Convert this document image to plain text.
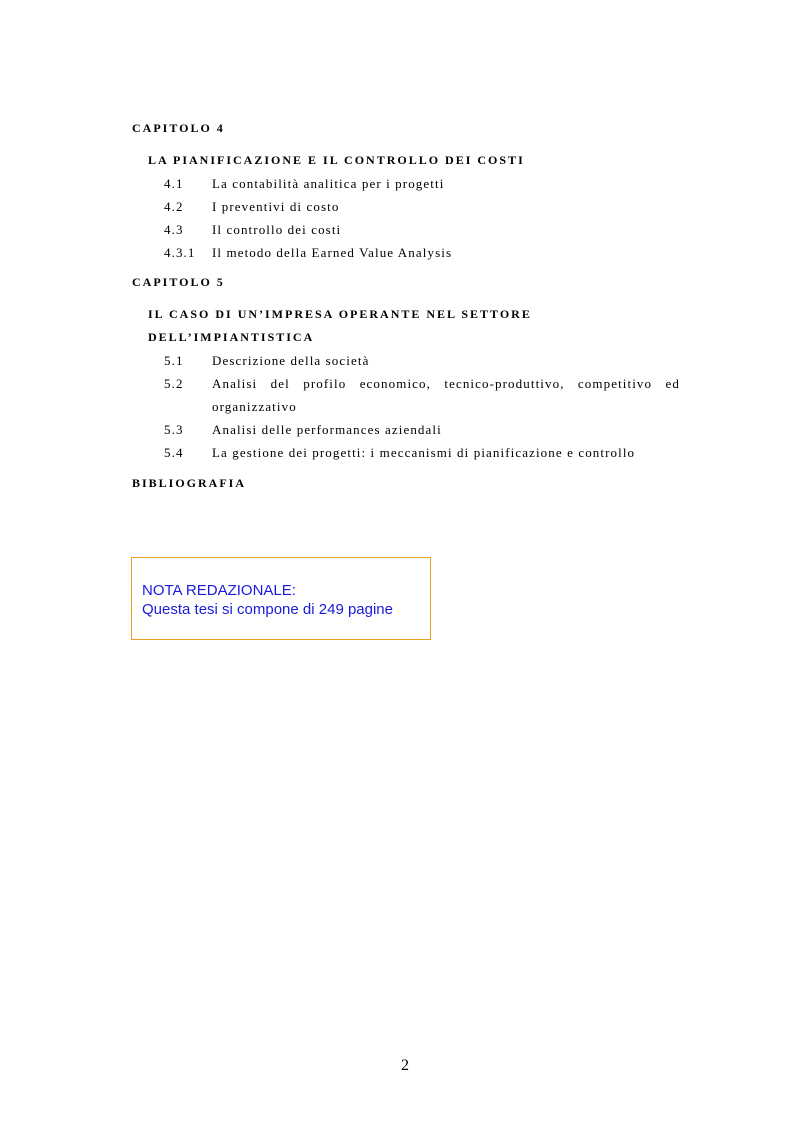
CAPITOLO 4
LA PIANIFICAZIONE E IL CONTROLLO DEI COSTI
4.1 La contabilità analitica per i progetti
4.2 I preventivi di costo
4.3 Il controllo dei costi
4.3.1 Il metodo della Earned Value Analysis
CAPITOLO 5
IL CASO DI UN’IMPRESA OPERANTE NEL SETTORE
DELL’IMPIANTISTICA
5.1 Descrizione della società
5.2 Analisi del profilo economico, tecnico-produttivo, competitivo ed
organizzativo
5.3 Analisi delle performances aziendali
5.4 La gestione dei progetti: i meccanismi di pianificazione e controllo
BIBLIOGRAFIA
NOTA REDAZIONALE:
Questa tesi si compone di 249 pagine
2
